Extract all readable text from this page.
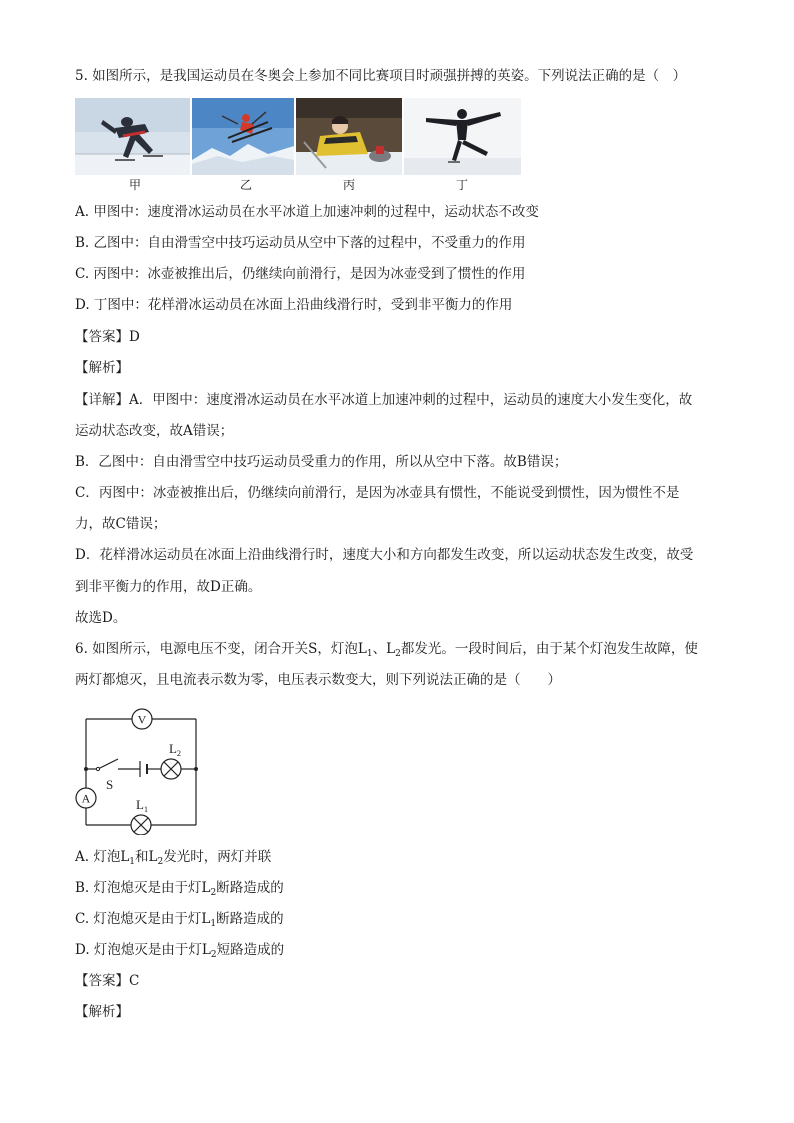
5. 如图所示，是我国运动员在冬奥会上参加不同比赛项目时顽强拼搏的英姿。下列说法正确的是（　）
甲	乙	丙	丁
A. 甲图中：速度滑冰运动员在水平冰道上加速冲刺的过程中，运动状态不改变
B. 乙图中：自由滑雪空中技巧运动员从空中下落的过程中，不受重力的作用
C. 丙图中：冰壶被推出后，仍继续向前滑行，是因为冰壶受到了惯性的作用
D. 丁图中：花样滑冰运动员在冰面上沿曲线滑行时，受到非平衡力的作用
【答案】D
【解析】
【详解】A．甲图中：速度滑冰运动员在水平冰道上加速冲刺的过程中，运动员的速度大小发生变化，故
运动状态改变，故A错误；
B．乙图中：自由滑雪空中技巧运动员受重力的作用，所以从空中下落。故B错误；
C．丙图中：冰壶被推出后，仍继续向前滑行，是因为冰壶具有惯性，不能说受到惯性，因为惯性不是
力，故C错误；
D．花样滑冰运动员在冰面上沿曲线滑行时，速度大小和方向都发生改变，所以运动状态发生改变，故受
到非平衡力的作用，故D正确。
故选D。
6. 如图所示，电源电压不变，闭合开关S，灯泡$L_1$、$L_2$都发光。一段时间后，由于某个灯泡发生故障，使
两灯都熄灭，且电流表示数为零，电压表示数变大，则下列说法正确的是（　　）
V
A
S
$L_2$
$L_1$
A. 灯泡$L_1$和$L_2$发光时，两灯并联
B. 灯泡熄灭是由于灯$L_2$断路造成的
C. 灯泡熄灭是由于灯$L_1$断路造成的
D. 灯泡熄灭是由于灯$L_2$短路造成的
【答案】C
【解析】
